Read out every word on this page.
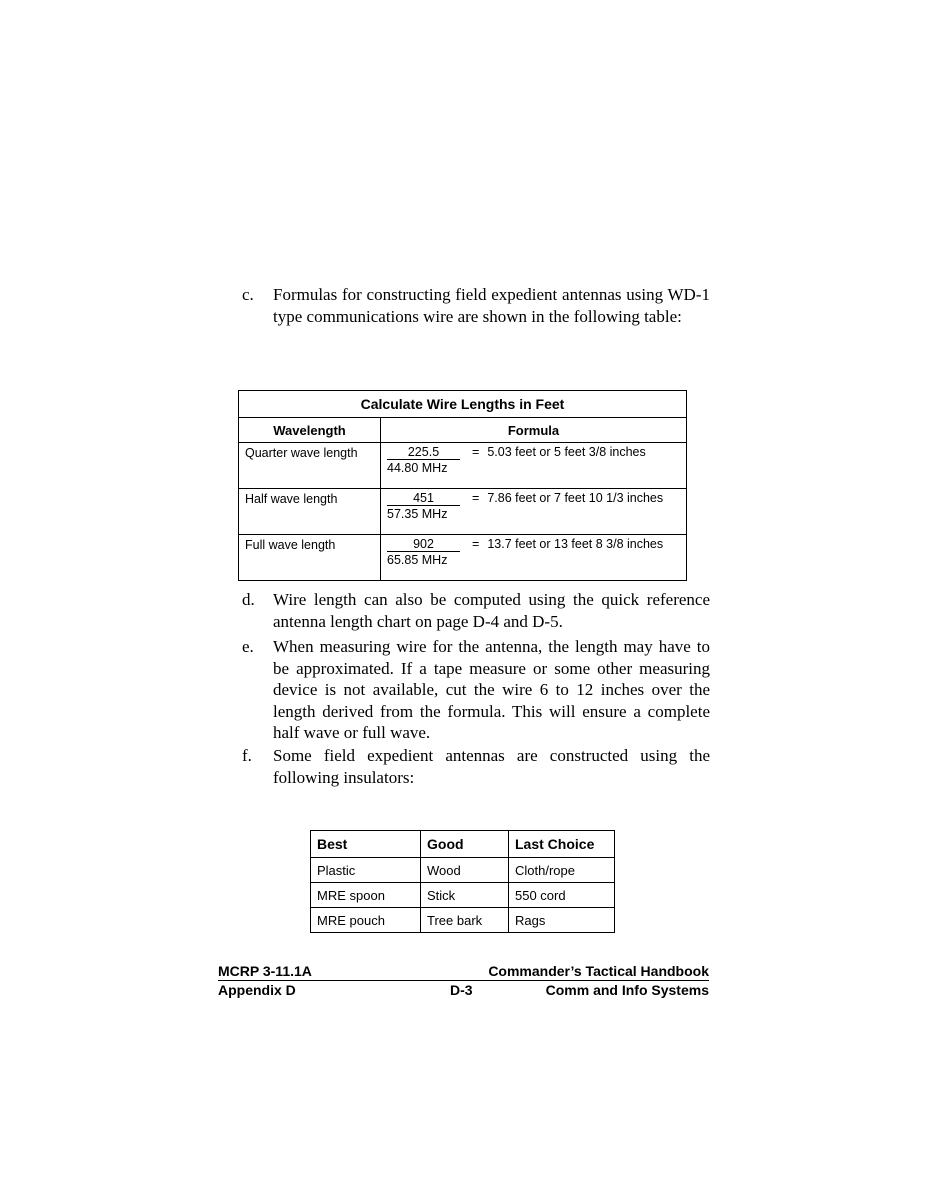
c. Formulas for constructing field expedient antennas using WD-1 type communications wire are shown in the following table:
Calculate Wire Lengths in Feet	
Wavelength	Formula
Quarter wave length	$\frac{225.5}{\text{44.80 MHz}} = 5.03$ feet or 5 feet 3/8 inches

Half wave length	$\frac{451}{\text{57.35 MHz}} = 7.86$ feet or 7 feet 10 1/3 inches

Full wave length	$\frac{902}{\text{65.85 MHz}} = 13.7$ feet or 13 feet 8 3/8 inches
d. Wire length can also be computed using the quick reference antenna length chart on page D-4 and D-5.
e. When measuring wire for the antenna, the length may have to be approximated. If a tape measure or some other measuring device is not available, cut the wire 6 to 12 inches over the length derived from the formula. This will ensure a complete half wave or full wave.
f. Some field expedient antennas are constructed using the following insulators:
Best	Good	Last Choice
Plastic	Wood	Cloth/rope
MRE spoon	Stick	550 cord
MRE pouch	Tree bark	Rags
MCRP 3-11.1A	Commander’s Tactical Handbook
Appendix D	D-3	Comm and Info Systems
